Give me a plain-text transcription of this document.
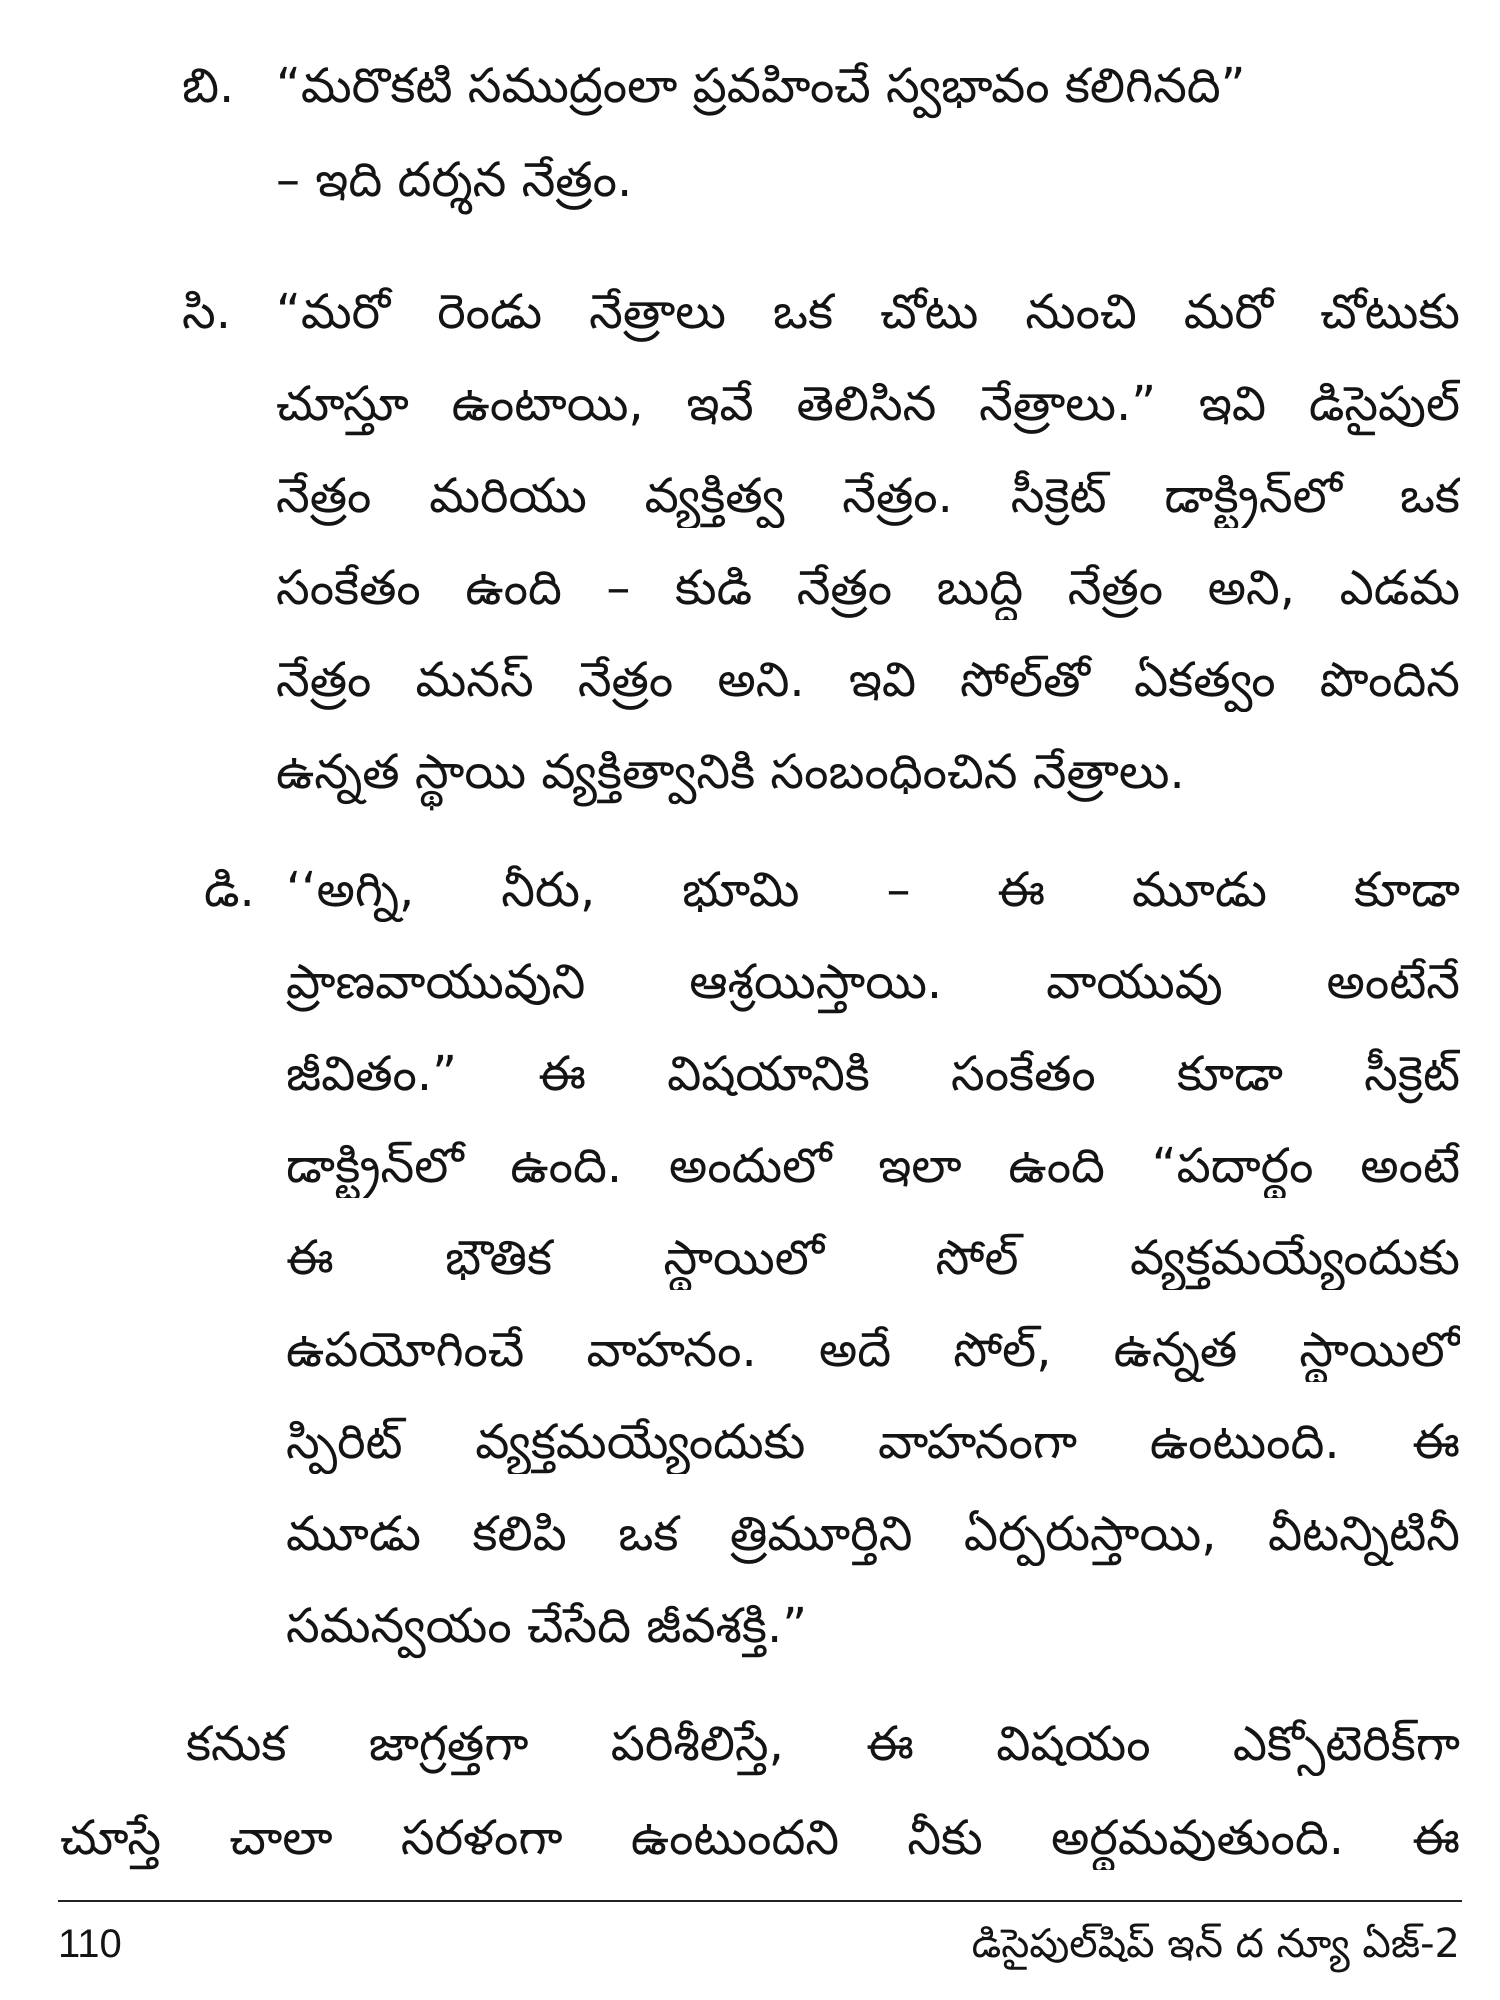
బి. “మరొకటి సముద్రంలా ప్రవహించే స్వభావం కలిగినది”

– ఇది దర్శన నేత్రం.

సి. “మరో రెండు నేత్రాలు ఒక చోటు నుంచి మరో చోటుకు

చూస్తూ ఉంటాయి, ఇవే తెలిసిన నేత్రాలు.” ఇవి డిసైపుల్

నేత్రం మరియు వ్యక్తిత్వ నేత్రం. సీక్రెట్ డాక్ట్రిన్‌లో ఒక

సంకేతం ఉంది – కుడి నేత్రం బుద్ధి నేత్రం అని, ఎడమ

నేత్రం మనస్ నేత్రం అని. ఇవి సోల్‌తో ఏకత్వం పొందిన

ఉన్నత స్థాయి వ్యక్తిత్వానికి సంబంధించిన నేత్రాలు.

డి. ‘‘అగ్ని, నీరు, భూమి – ఈ మూడు కూడా

ప్రాణవాయువుని ఆశ్రయిస్తాయి. వాయువు అంటేనే

జీవితం.” ఈ విషయానికి సంకేతం కూడా సీక్రెట్

డాక్ట్రిన్‌లో ఉంది. అందులో ఇలా ఉంది “పదార్థం అంటే

ఈ భౌతిక స్థాయిలో సోల్ వ్యక్తమయ్యేందుకు

ఉపయోగించే వాహనం. అదే సోల్, ఉన్నత స్థాయిలో

స్పిరిట్ వ్యక్తమయ్యేందుకు వాహనంగా ఉంటుంది. ఈ

మూడు కలిపి ఒక త్రిమూర్తిని ఏర్పరుస్తాయి, వీటన్నిటినీ

సమన్వయం చేసేది జీవశక్తి.”

కనుక జాగ్రత్తగా పరిశీలిస్తే, ఈ విషయం ఎక్సోటెరిక్‌గా

చూస్తే చాలా సరళంగా ఉంటుందని నీకు అర్థమవుతుంది. ఈ

110	డిసైపుల్‌షిప్ ఇన్ ద న్యూ ఏజ్-2
